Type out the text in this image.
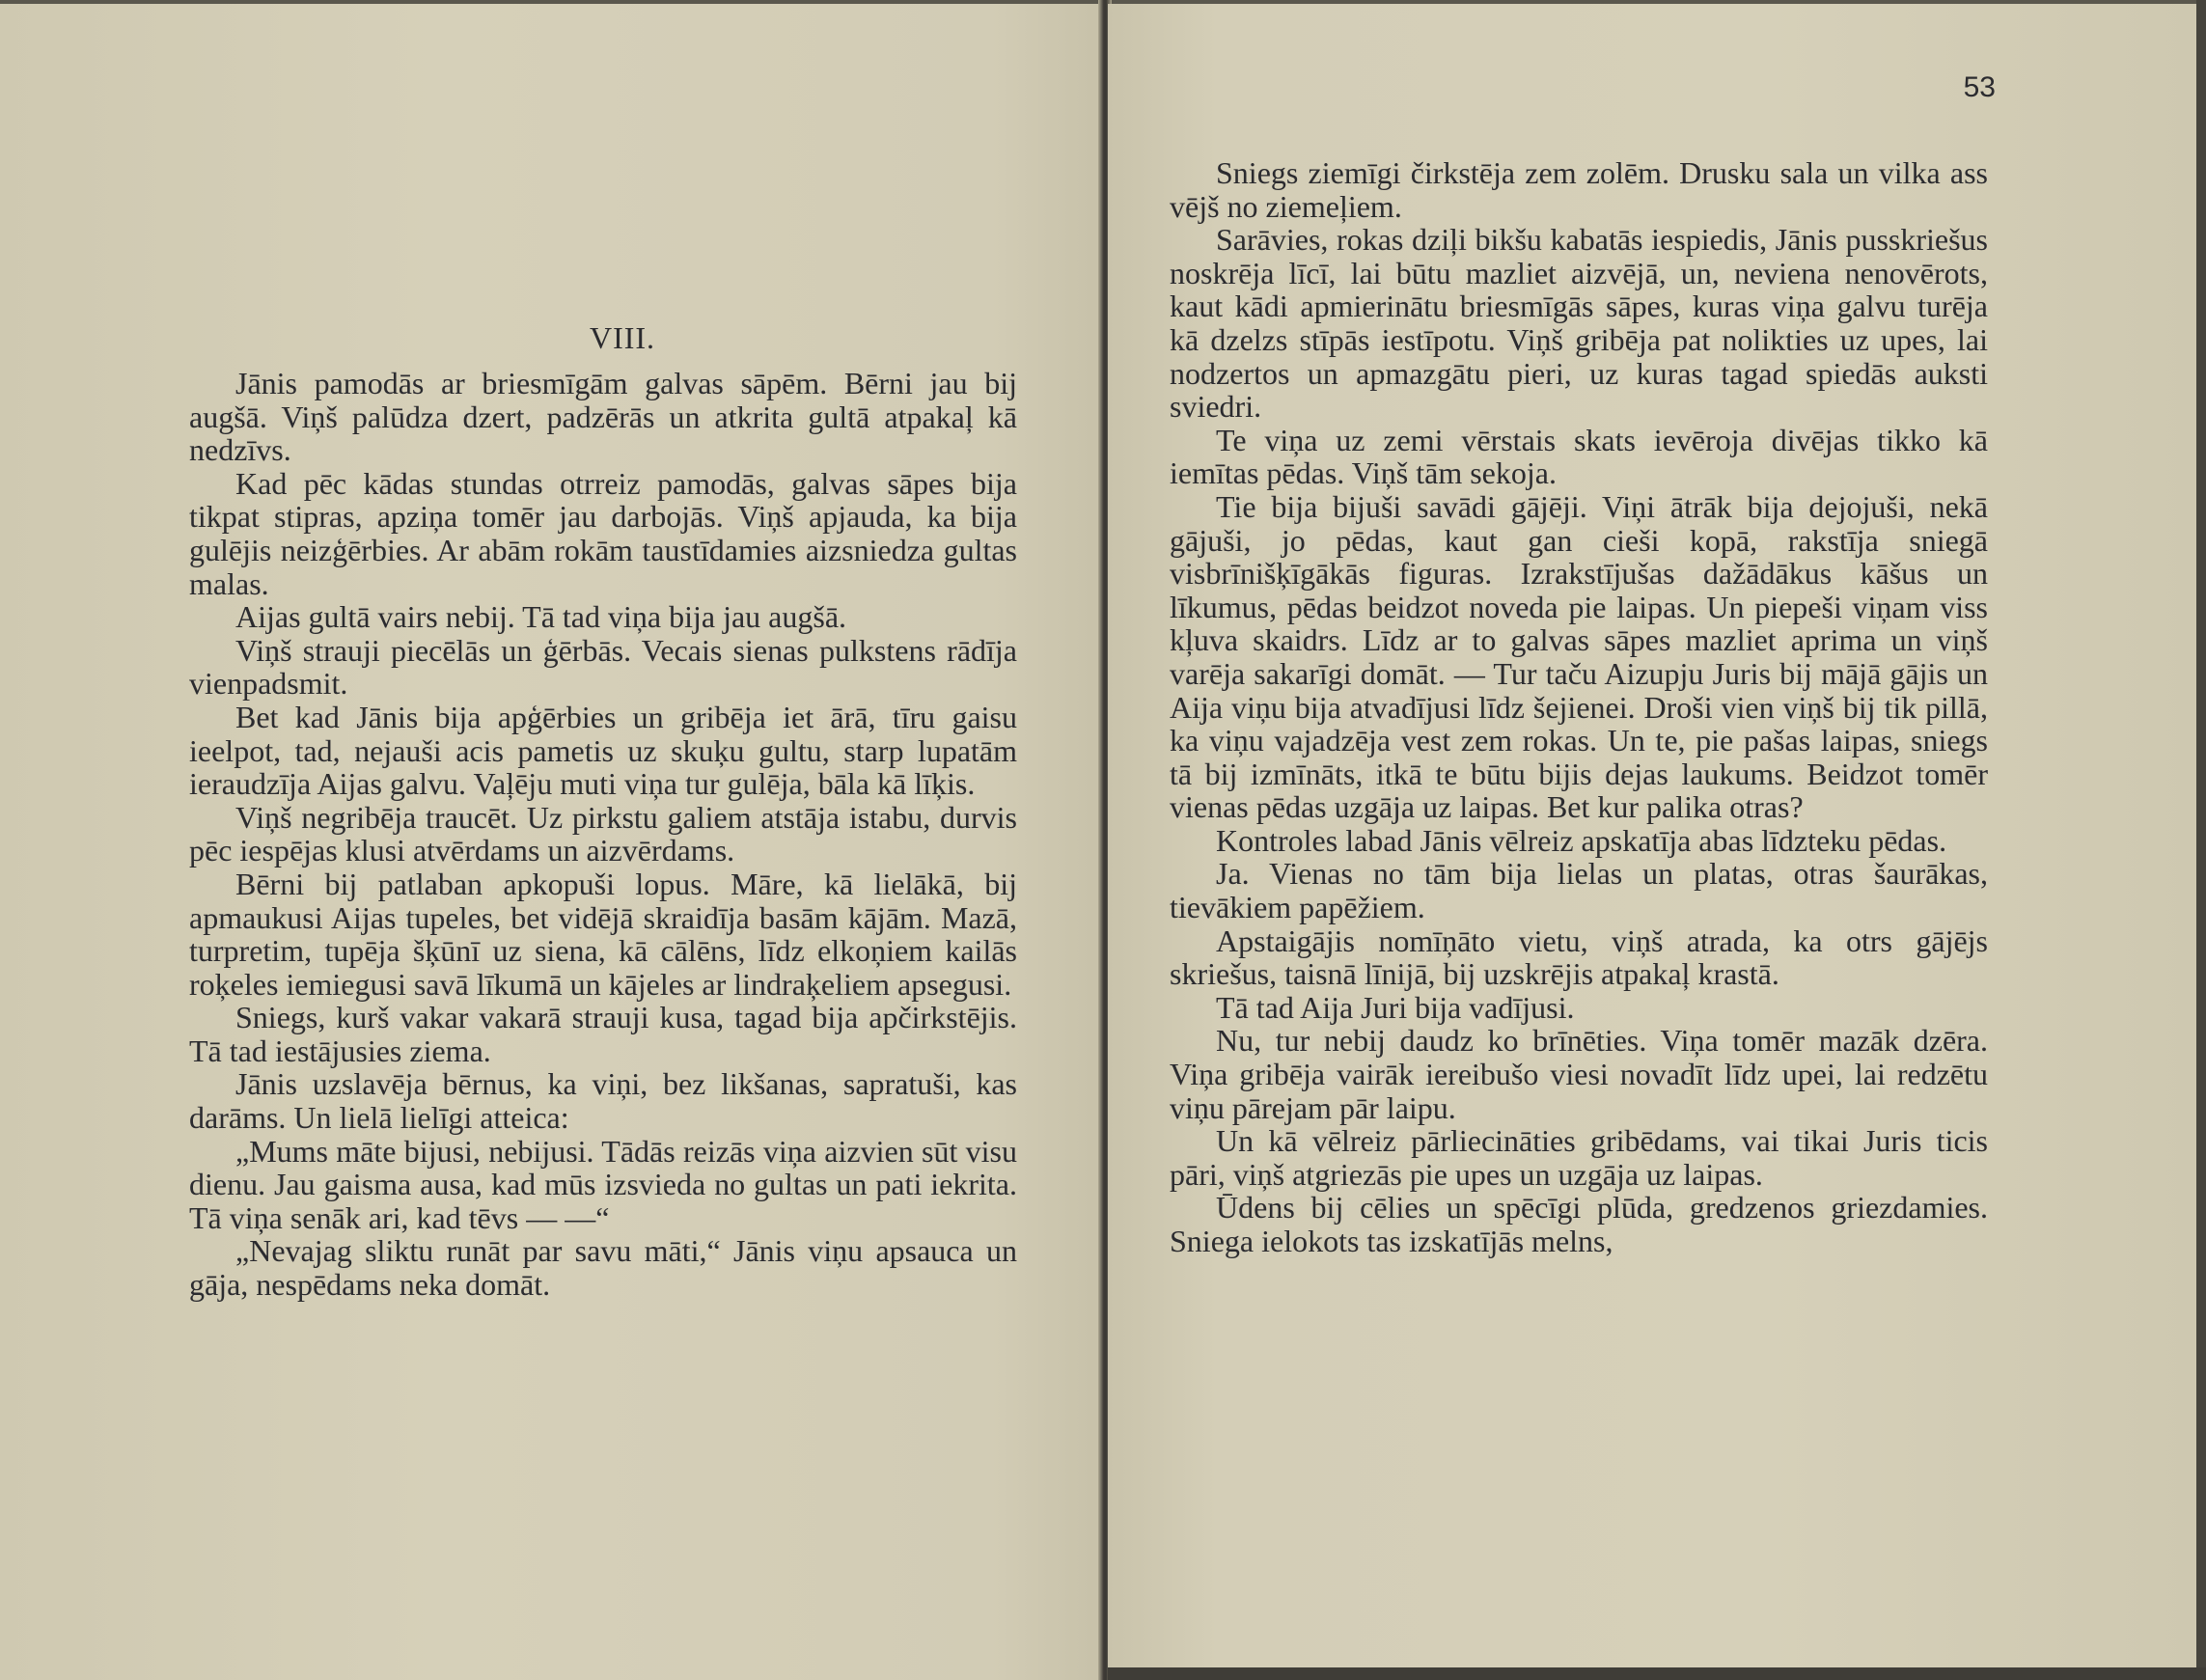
VIII.

Jānis pamodās ar briesmīgām galvas sāpēm. Bērni jau bij augšā. Viņš palūdza dzert, padzērās un atkrita gultā atpakaļ kā nedzīvs.

Kad pēc kādas stundas otrreiz pamodās, galvas sāpes bija tikpat stipras, apziņa tomēr jau darbojās. Viņš apjauda, ka bija gulējis neizģērbies. Ar abām rokām taustīdamies aizsniedza gultas malas.

Aijas gultā vairs nebij. Tā tad viņa bija jau augšā.

Viņš strauji piecēlās un ģērbās. Vecais sienas pulkstens rādīja vienpadsmit.

Bet kad Jānis bija apģērbies un gribēja iet ārā, tīru gaisu ieelpot, tad, nejauši acis pametis uz skuķu gultu, starp lupatām ieraudzīja Aijas galvu. Vaļēju muti viņa tur gulēja, bāla kā līķis.

Viņš negribēja traucēt. Uz pirkstu galiem atstāja istabu, durvis pēc iespējas klusi atvērdams un aizvērdams.

Bērni bij patlaban apkopuši lopus. Māre, kā lielākā, bij apmaukusi Aijas tupeles, bet vidējā skraidīja basām kājām. Mazā, turpretim, tupēja šķūnī uz siena, kā cālēns, līdz elkoņiem kailās roķeles iemiegusi savā līkumā un kājeles ar lindraķeliem apsegusi.

Sniegs, kurš vakar vakarā strauji kusa, tagad bija apčirkstējis. Tā tad iestājusies ziema.

Jānis uzslavēja bērnus, ka viņi, bez likšanas, sapratuši, kas darāms. Un lielā lielīgi atteica:

„Mums māte bijusi, nebijusi. Tādās reizās viņa aizvien sūt visu dienu. Jau gaisma ausa, kad mūs izsvieda no gultas un pati iekrita. Tā viņa senāk ari, kad tēvs — —“

„Nevajag sliktu runāt par savu māti,“ Jānis viņu apsauca un gāja, nespēdams neka domāt.

53

Sniegs ziemīgi čirkstēja zem zolēm. Drusku sala un vilka ass vējš no ziemeļiem.

Sarāvies, rokas dziļi bikšu kabatās iespiedis, Jānis pusskriešus noskrēja līcī, lai būtu mazliet aizvējā, un, neviena nenovērots, kaut kādi apmierinātu briesmīgās sāpes, kuras viņa galvu turēja kā dzelzs stīpās iestīpotu. Viņš gribēja pat nolikties uz upes, lai nodzertos un apmazgātu pieri, uz kuras tagad spiedās auksti sviedri.

Te viņa uz zemi vērstais skats ievēroja divējas tikko kā iemītas pēdas. Viņš tām sekoja.

Tie bija bijuši savādi gājēji. Viņi ātrāk bija dejojuši, nekā gājuši, jo pēdas, kaut gan cieši kopā, rakstīja sniegā visbrīnišķīgākās figuras. Izrakstījušas dažādākus kāšus un līkumus, pēdas beidzot noveda pie laipas. Un piepeši viņam viss kļuva skaidrs. Līdz ar to galvas sāpes mazliet aprima un viņš varēja sakarīgi domāt. — Tur taču Aizupju Juris bij mājā gājis un Aija viņu bija atvadījusi līdz šejienei. Droši vien viņš bij tik pillā, ka viņu vajadzēja vest zem rokas. Un te, pie pašas laipas, sniegs tā bij izmīnāts, itkā te būtu bijis dejas laukums. Beidzot tomēr vienas pēdas uzgāja uz laipas. Bet kur palika otras?

Kontroles labad Jānis vēlreiz apskatīja abas līdzteku pēdas.

Ja. Vienas no tām bija lielas un platas, otras šaurākas, tievākiem papēžiem.

Apstaigājis nomīņāto vietu, viņš atrada, ka otrs gājējs skriešus, taisnā līnijā, bij uzskrējis atpakaļ krastā.

Tā tad Aija Juri bija vadījusi.

Nu, tur nebij daudz ko brīnēties. Viņa tomēr mazāk dzēra. Viņa gribēja vairāk iereibušo viesi novadīt līdz upei, lai redzētu viņu pārejam pār laipu.

Un kā vēlreiz pārliecināties gribēdams, vai tikai Juris ticis pāri, viņš atgriezās pie upes un uzgāja uz laipas.

Ūdens bij cēlies un spēcīgi plūda, gredzenos griezdamies. Sniega ielokots tas izskatījās melns,
